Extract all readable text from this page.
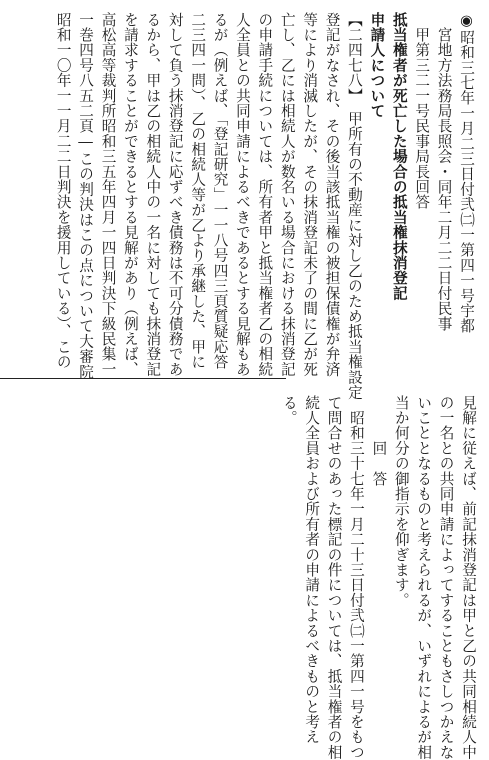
◉昭和三七年一月二三日付弐㈡一第四一号宇都
　宮地方法務局長照会・同年二月二二日付民事
　甲第三二一号民事局長回答
抵当権者が死亡した場合の抵当権抹消登記
申請人について
【二四七八】　甲所有の不動産に対し乙のため抵当権設定
登記がなされ、その後当該抵当権の被担保債権が弁済
等により消滅したが、その抹消登記未了の間に乙が死
亡し、乙には相続人が数名いる場合における抹消登記
の申請手続については、所有者甲と抵当権者乙の相続
人全員との共同申請によるべきであるとする見解もあ
るが（例えば、「登記研究」一一八号四三頁質疑応答
二三四一問）、乙の相続人等が乙より承継した、甲に
対して負う抹消登記に応ずべき債務は不可分債務であ
るから、甲は乙の相続人中の一名に対しても抹消登記
を請求することができるとする見解があり（例えば、
高松高等裁判所昭和三五年四月一四日判決下級民集一
一巻四号八五二頁―この判決はこの点について大審院
昭和一〇年一一月二二日判決を援用している）、この
見解に従えば、前記抹消登記は甲と乙の共同相続人中
の一名との共同申請によってすることもさしつかえな
いこととなるものと考えられるが、いずれによるが相
当か何分の御指示を仰ぎます。
　　　回　答
　昭和三十七年一月二十三日付弐㈡一第四一号をもつ
て問合せのあった標記の件については、抵当権者の相
続人全員および所有者の申請によるべきものと考え
る。
